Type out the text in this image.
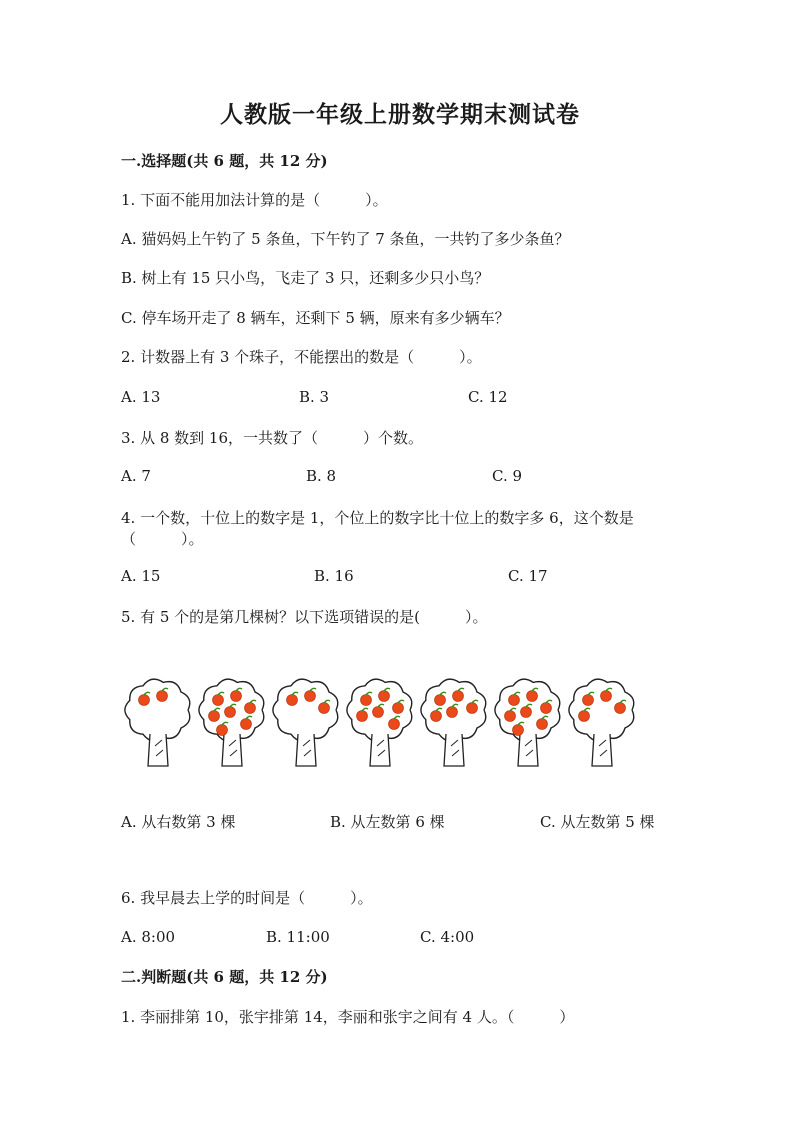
人教版一年级上册数学期末测试卷
一.选择题(共 6 题，共 12 分)
1. 下面不能用加法计算的是（　　　）。
A. 猫妈妈上午钓了 5 条鱼，下午钓了 7 条鱼，一共钓了多少条鱼？
B. 树上有 15 只小鸟，飞走了 3 只，还剩多少只小鸟？
C. 停车场开走了 8 辆车，还剩下 5 辆，原来有多少辆车？
2. 计数器上有 3 个珠子，不能摆出的数是（　　　）。
A. 13	B. 3	C. 12
3. 从 8 数到 16，一共数了（　　　）个数。
A. 7	B. 8	C. 9
4. 一个数，十位上的数字是 1，个位上的数字比十位上的数字多 6，这个数是
（　　　）。
A. 15	B. 16	C. 17
5. 有 5 个的是第几棵树？以下选项错误的是(　　　）。
A. 从右数第 3 棵	B. 从左数第 6 棵	C. 从左数第 5 棵
6. 我早晨去上学的时间是（　　　）。
A. 8:00	B. 11:00	C. 4:00
二.判断题(共 6 题，共 12 分)
1. 李丽排第 10，张宇排第 14，李丽和张宇之间有 4 人。（　　　）
